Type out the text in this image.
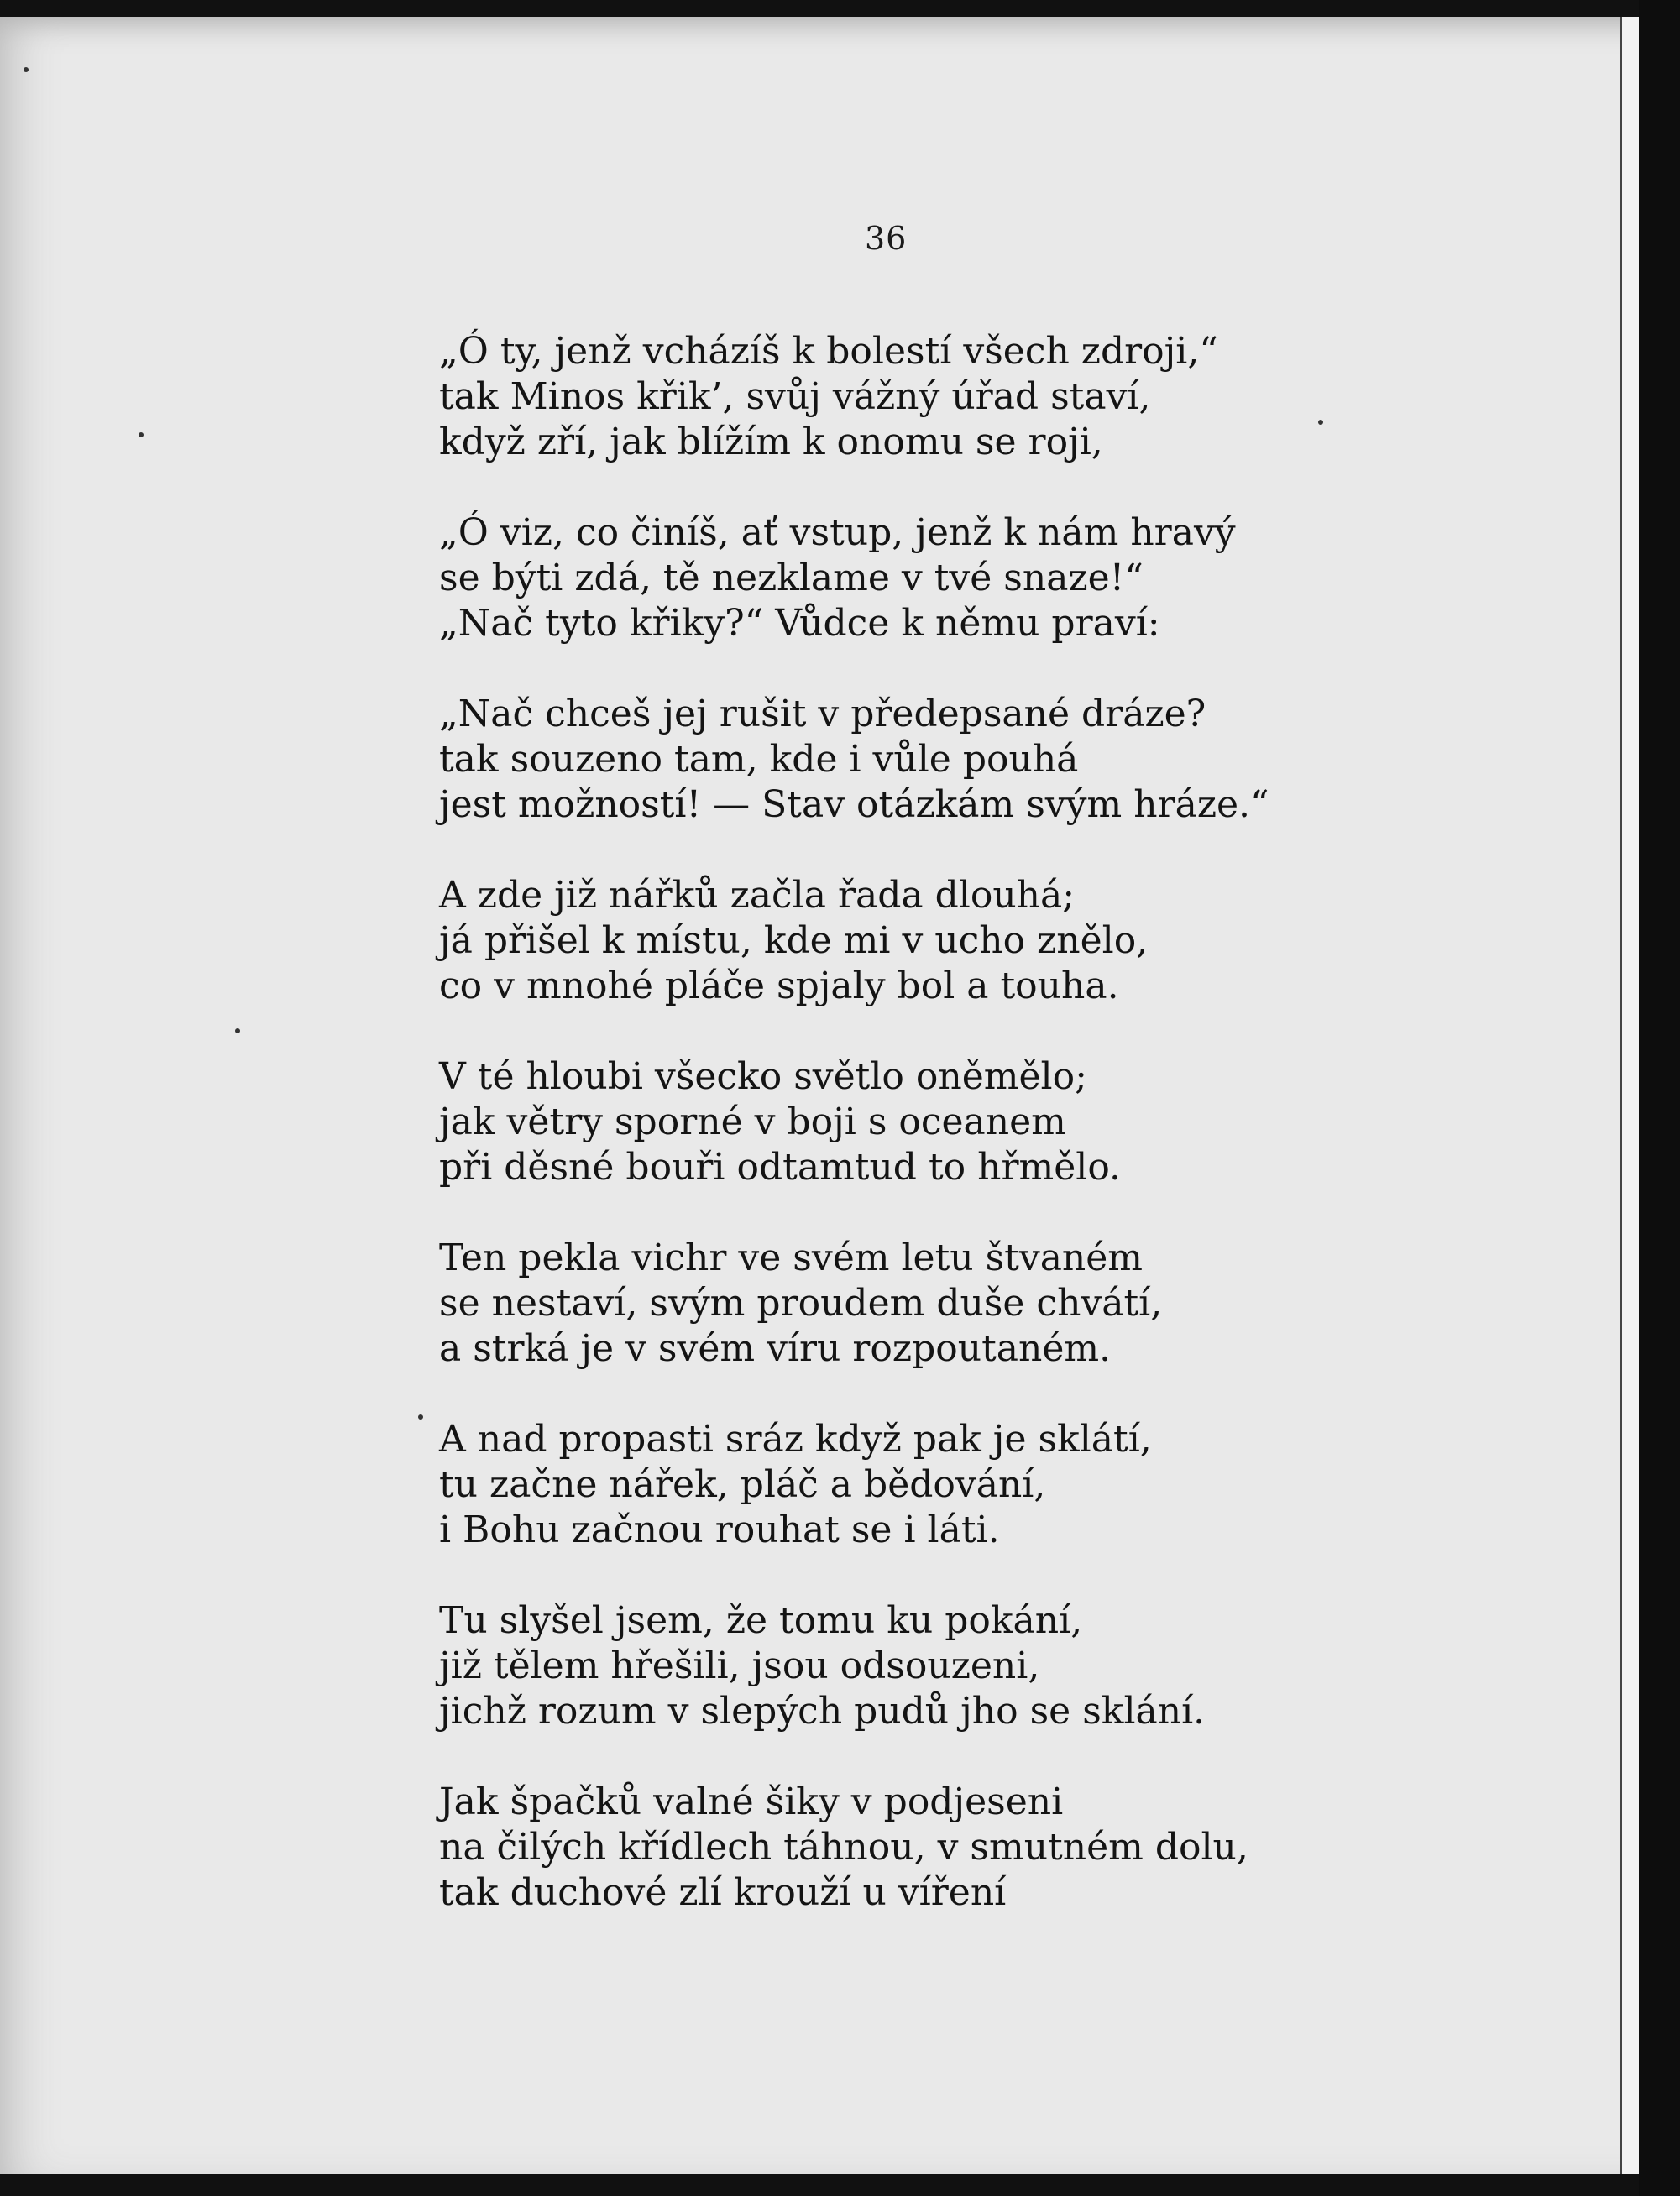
36
„Ó ty, jenž vcházíš k bolestí všech zdroji,“
tak Minos křik’, svůj vážný úřad staví,
když zří, jak blížím k onomu se roji,
„Ó viz, co činíš, ať vstup, jenž k nám hravý
se býti zdá, tě nezklame v tvé snaze!“
„Nač tyto křiky?“ Vůdce k němu praví:
„Nač chceš jej rušit v předepsané dráze?
tak souzeno tam, kde i vůle pouhá
jest možností! — Stav otázkám svým hráze.“
A zde již nářků začla řada dlouhá;
já přišel k místu, kde mi v ucho znělo,
co v mnohé pláče spjaly bol a touha.
V té hloubi všecko světlo oněmělo;
jak větry sporné v boji s oceanem
při děsné bouři odtamtud to hřmělo.
Ten pekla vichr ve svém letu štvaném
se nestaví, svým proudem duše chvátí,
a strká je v svém víru rozpoutaném.
A nad propasti sráz když pak je sklátí,
tu začne nářek, pláč a bědování,
i Bohu začnou rouhat se i láti.
Tu slyšel jsem, že tomu ku pokání,
již tělem hřešili, jsou odsouzeni,
jichž rozum v slepých pudů jho se sklání.
Jak špačků valné šiky v podjeseni
na čilých křídlech táhnou, v smutném dolu,
tak duchové zlí krouží u víření
